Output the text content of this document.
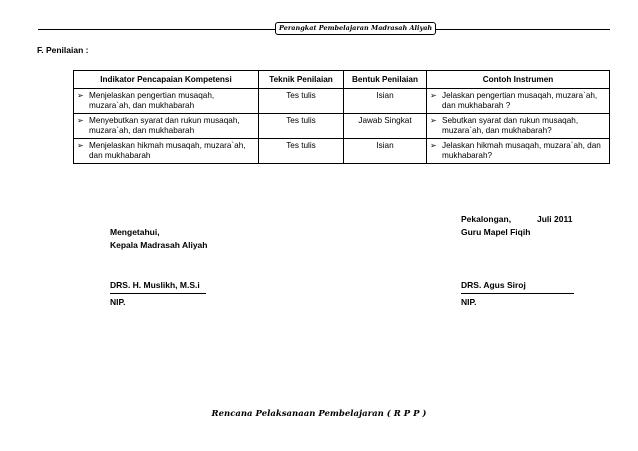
Perangkat Pembelajaran Madrasah Aliyah
F. Penilaian :
Indikator Pencapaian Kompetensi	Teknik Penilaian	Bentuk Penilaian	Contoh Instrumen

➢ Menjelaskan pengertian musaqah, muzara`ah, dan mukhabarah	Tes tulis	Isian	➢ Jelaskan pengertian musaqah, muzara`ah, dan mukhabarah ?

➢ Menyebutkan syarat dan rukun musaqah, muzara`ah, dan mukhabarah	Tes tulis	Jawab Singkat	➢ Sebutkan syarat dan rukun musaqah, muzara`ah, dan mukhabarah?

➢ Menjelaskan hikmah musaqah, muzara`ah, dan mukhabarah	Tes tulis	Isian	➢ Jelaskan hikmah musaqah, muzara`ah, dan mukhabarah?
Pekalongan,	Juli 2011
Mengetahui,	Guru Mapel Fiqih
Kepala Madrasah Aliyah
DRS. H. Muslikh, M.S.i	DRS. Agus Siroj
NIP.	NIP.
Rencana Pelaksanaan Pembelajaran ( R P P )
